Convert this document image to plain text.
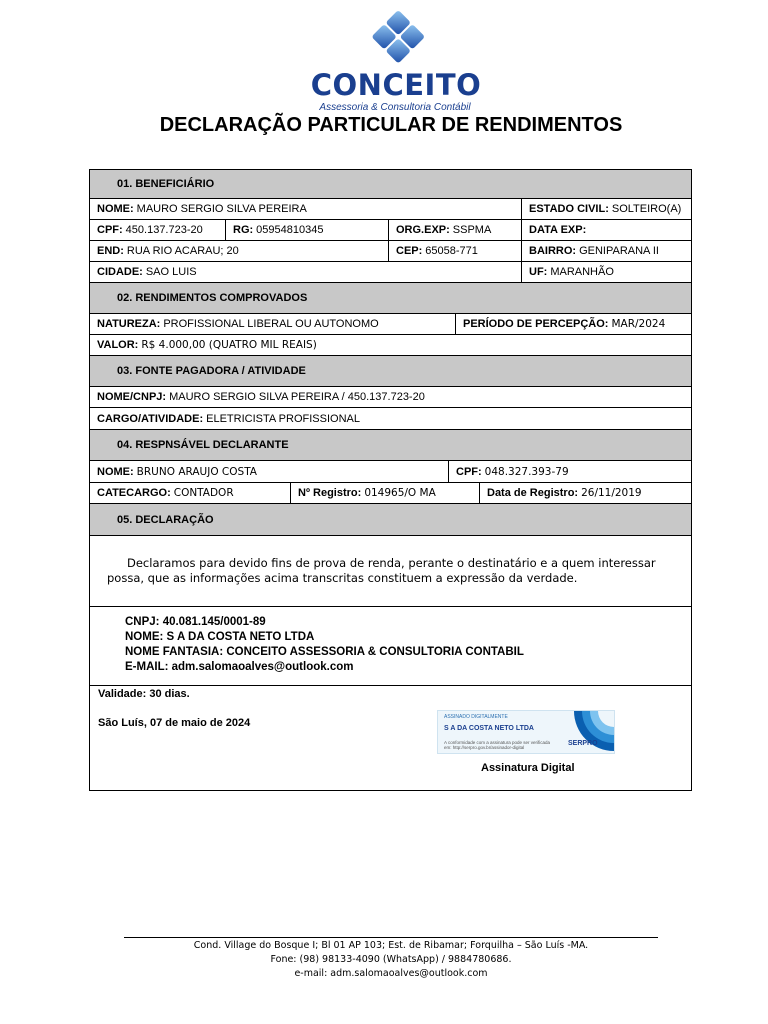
CONCEITO
Assessoria & Consultoria Contábil
DECLARAÇÃO PARTICULAR DE RENDIMENTOS
01. BENEFICIÁRIO
NOME: MAURO SERGIO SILVA PEREIRA	ESTADO CIVIL: SOLTEIRO(A)
CPF: 450.137.723-20	RG: 05954810345	ORG.EXP: SSPMA	DATA EXP:
END: RUA RIO ACARAU; 20	CEP: 65058-771	BAIRRO: GENIPARANA II
CIDADE: SAO LUIS	UF: MARANHÃO
02. RENDIMENTOS COMPROVADOS
NATUREZA: PROFISSIONAL LIBERAL OU AUTONOMO	PERÍODO DE PERCEPÇÃO: MAR/2024
VALOR: R$ 4.000,00 (QUATRO MIL REAIS)
03. FONTE PAGADORA / ATIVIDADE
NOME/CNPJ: MAURO SERGIO SILVA PEREIRA / 450.137.723-20
CARGO/ATIVIDADE: ELETRICISTA PROFISSIONAL
04. RESPNSÁVEL DECLARANTE
NOME: BRUNO ARAUJO COSTA	CPF: 048.327.393-79
CATECARGO: CONTADOR	Nº Registro: 014965/O MA	Data de Registro: 26/11/2019
05. DECLARAÇÃO

Declaramos para devido fins de prova de renda, perante o destinatário e a quem interessar possa, que as informações acima transcritas constituem a expressão da verdade.

CNPJ: 40.081.145/0001-89
NOME: S A DA COSTA NETO LTDA
NOME FANTASIA: CONCEITO ASSESSORIA & CONSULTORIA CONTABIL
E-MAIL: adm.salomaoalves@outlook.com
Validade: 30 dias.
São Luís, 07 de maio de 2024	ASSINADO DIGITALMENTE
S A DA COSTA NETO LTDA
A conformidade com a assinatura pode ser verificada em: http://serpro.gov.br/assinador-digital
SERPRO
Assinatura Digital
Cond. Village do Bosque I; Bl 01 AP 103; Est. de Ribamar; Forquilha – São Luís -MA.
Fone: (98) 98133-4090 (WhatsApp) / 9884780686.
e-mail: adm.salomaoalves@outlook.com
